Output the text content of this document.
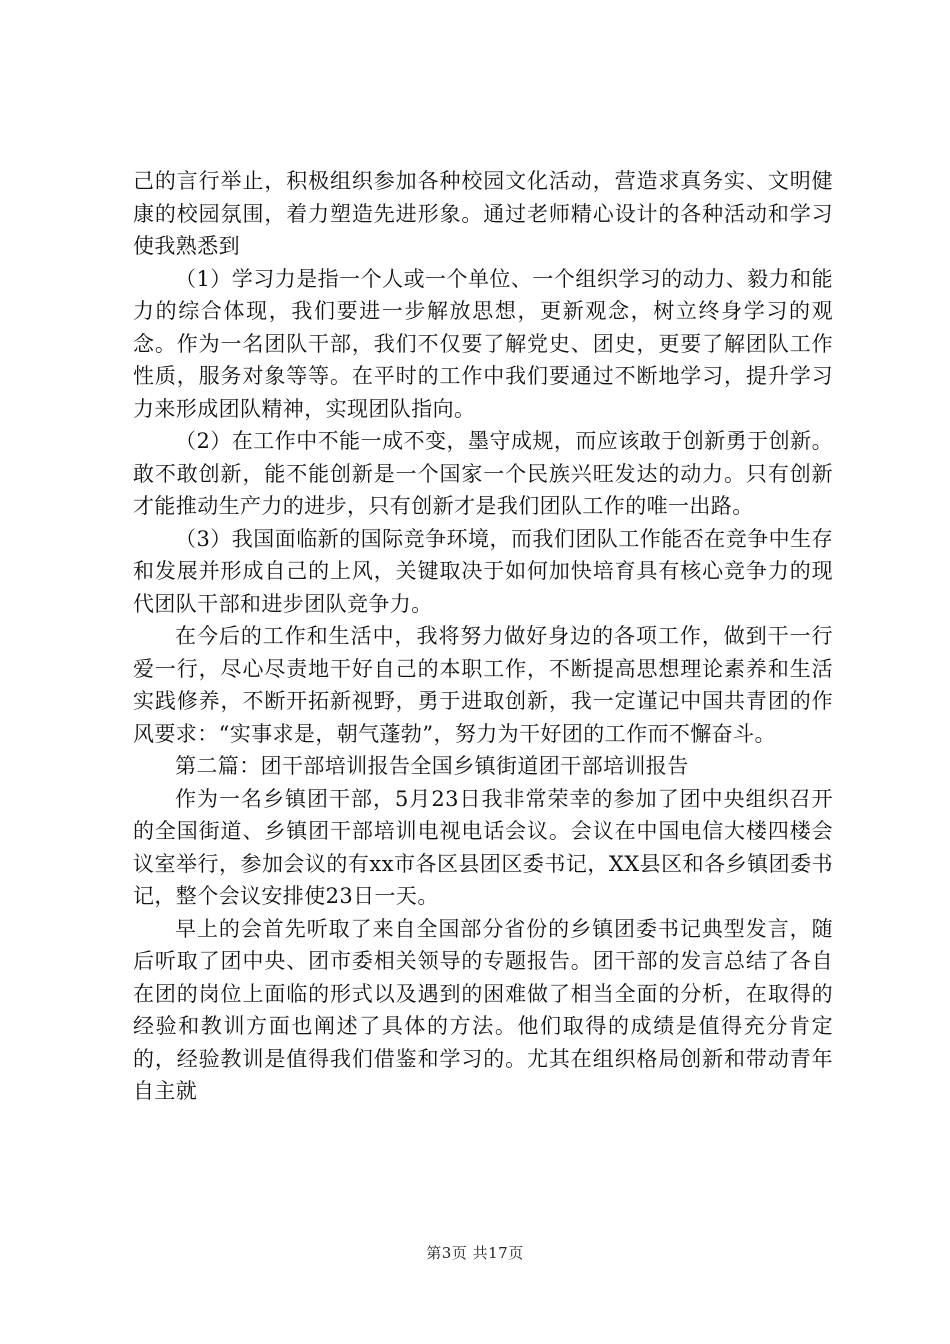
己的言行举止，积极组织参加各种校园文化活动，营造求真务实、文明健康的校园氛围，着力塑造先进形象。通过老师精心设计的各种活动和学习使我熟悉到

（1）学习力是指一个人或一个单位、一个组织学习的动力、毅力和能力的综合体现，我们要进一步解放思想，更新观念，树立终身学习的观念。作为一名团队干部，我们不仅要了解党史、团史，更要了解团队工作性质，服务对象等等。在平时的工作中我们要通过不断地学习，提升学习力来形成团队精神，实现团队指向。

（2）在工作中不能一成不变，墨守成规，而应该敢于创新勇于创新。敢不敢创新，能不能创新是一个国家一个民族兴旺发达的动力。只有创新才能推动生产力的进步，只有创新才是我们团队工作的唯一出路。

（3）我国面临新的国际竞争环境，而我们团队工作能否在竞争中生存和发展并形成自己的上风，关键取决于如何加快培育具有核心竞争力的现代团队干部和进步团队竞争力。

在今后的工作和生活中，我将努力做好身边的各项工作，做到干一行爱一行，尽心尽责地干好自己的本职工作，不断提高思想理论素养和生活实践修养，不断开拓新视野，勇于进取创新，我一定谨记中国共青团的作风要求：“实事求是，朝气蓬勃”，努力为干好团的工作而不懈奋斗。

第二篇：团干部培训报告全国乡镇街道团干部培训报告

作为一名乡镇团干部，5月23日我非常荣幸的参加了团中央组织召开的全国街道、乡镇团干部培训电视电话会议。会议在中国电信大楼四楼会议室举行，参加会议的有xx市各区县团区委书记，XX县区和各乡镇团委书记，整个会议安排使23日一天。

早上的会首先听取了来自全国部分省份的乡镇团委书记典型发言，随后听取了团中央、团市委相关领导的专题报告。团干部的发言总结了各自在团的岗位上面临的形式以及遇到的困难做了相当全面的分析，在取得的经验和教训方面也阐述了具体的方法。他们取得的成绩是值得充分肯定的，经验教训是值得我们借鉴和学习的。尤其在组织格局创新和带动青年自主就

第3页 共17页
